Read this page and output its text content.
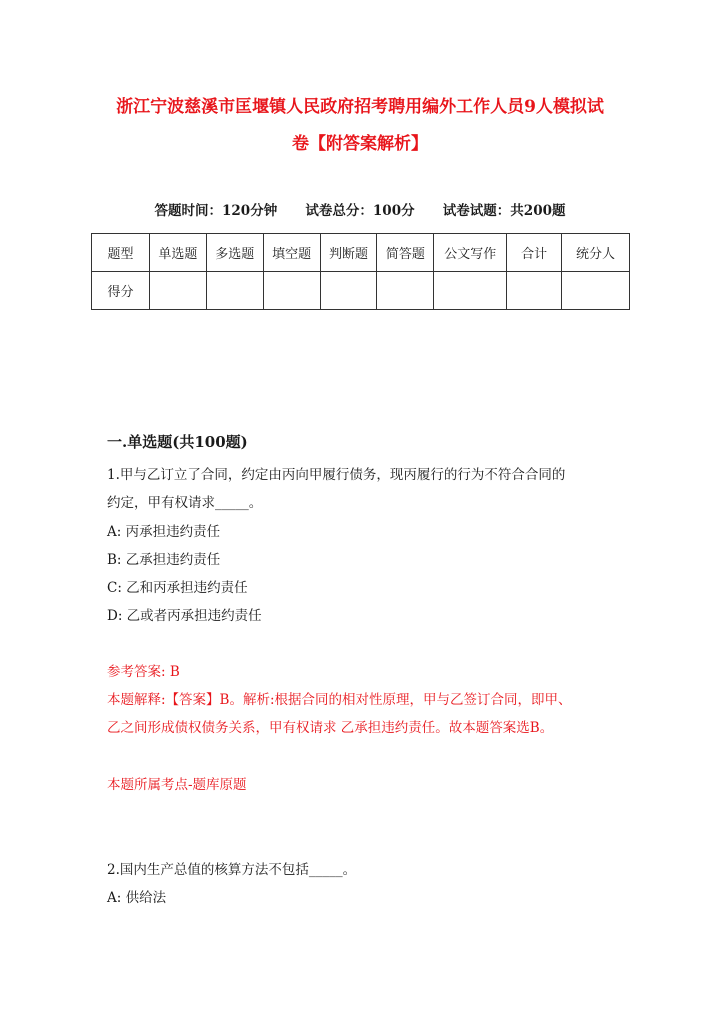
浙江宁波慈溪市匡堰镇人民政府招考聘用编外工作人员9人模拟试
卷【附答案解析】
答题时间：120分钟 试卷总分：100分 试卷试题：共200题
题型	单选题	多选题	填空题	判断题	简答题	公文写作	合计	统分人
得分								
一.单选题(共100题)
1.甲与乙订立了合同，约定由丙向甲履行债务，现丙履行的行为不符合合同的
约定，甲有权请求_____。
A: 丙承担违约责任
B: 乙承担违约责任
C: 乙和丙承担违约责任
D: 乙或者丙承担违约责任
参考答案: B
本题解释:【答案】B。解析:根据合同的相对性原理，甲与乙签订合同，即甲、
乙之间形成债权债务关系，甲有权请求 乙承担违约责任。故本题答案选B。
本题所属考点-题库原题
2.国内生产总值的核算方法不包括_____。
A: 供给法
